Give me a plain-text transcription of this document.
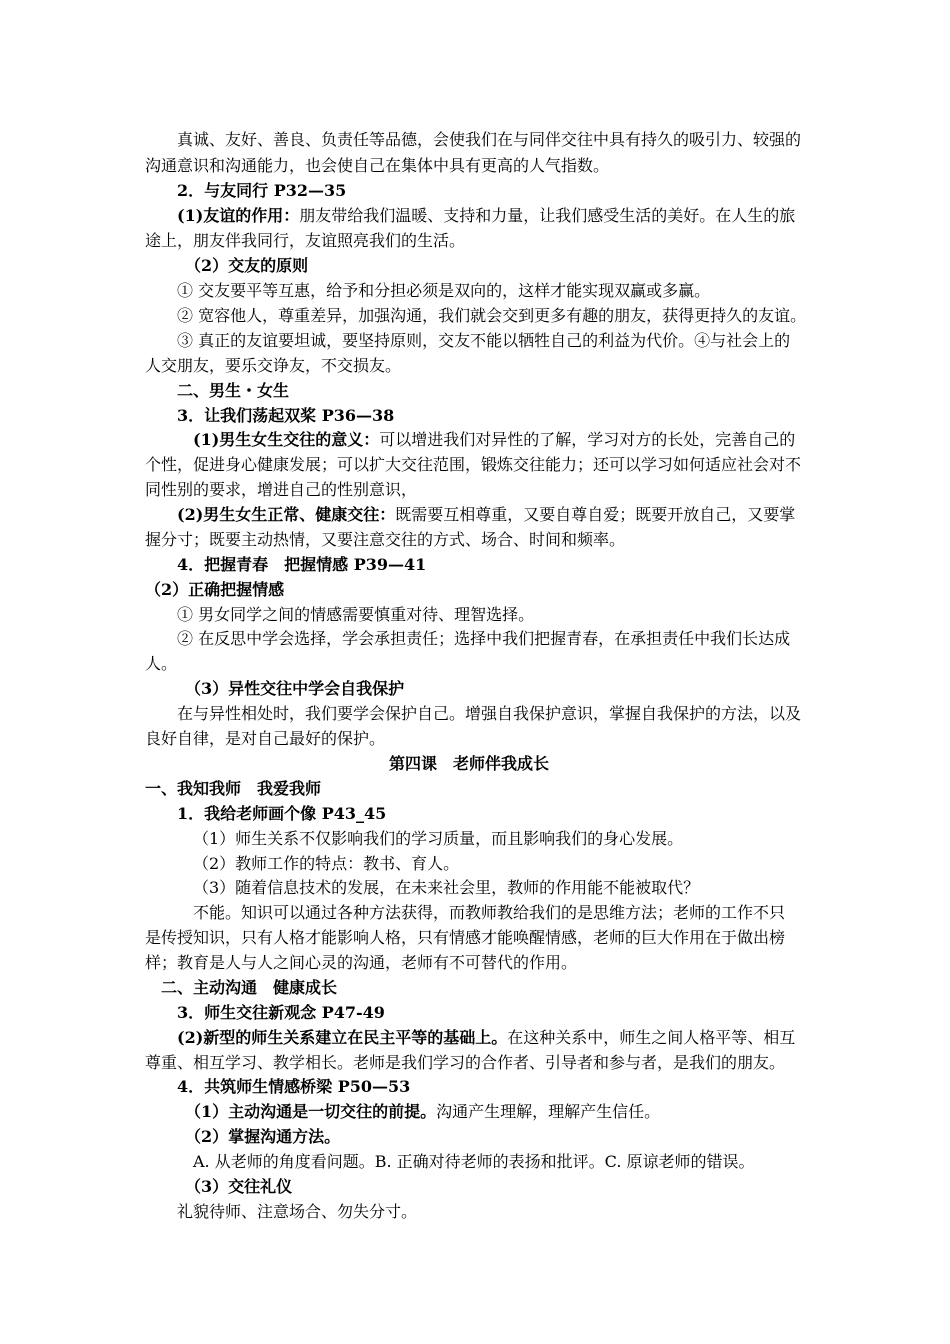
真诚、友好、善良、负责任等品德，会使我们在与同伴交往中具有持久的吸引力、较强的
沟通意识和沟通能力，也会使自己在集体中具有更高的人气指数。
2．与友同行 P32—35
(1)友谊的作用：朋友带给我们温暖、支持和力量，让我们感受生活的美好。在人生的旅
途上，朋友伴我同行，友谊照亮我们的生活。
（2）交友的原则
① 交友要平等互惠，给予和分担必须是双向的，这样才能实现双赢或多赢。
② 宽容他人，尊重差异，加强沟通，我们就会交到更多有趣的朋友，获得更持久的友谊。
③ 真正的友谊要坦诚，要坚持原则，交友不能以牺牲自己的利益为代价。④与社会上的
人交朋友，要乐交诤友，不交损友。
二、男生・女生
3．让我们荡起双桨 P36—38
(1)男生女生交往的意义：可以增进我们对异性的了解，学习对方的长处，完善自己的
个性，促进身心健康发展；可以扩大交往范围，锻炼交往能力；还可以学习如何适应社会对不
同性别的要求，增进自己的性别意识，
(2)男生女生正常、健康交往：既需要互相尊重，又要自尊自爱；既要开放自己，又要掌
握分寸；既要主动热情，又要注意交往的方式、场合、时间和频率。
4．把握青春　把握情感 P39—41
（2）正确把握情感
① 男女同学之间的情感需要慎重对待、理智选择。
② 在反思中学会选择，学会承担责任；选择中我们把握青春，在承担责任中我们长达成
人。
（3）异性交往中学会自我保护
在与异性相处时，我们要学会保护自己。增强自我保护意识，掌握自我保护的方法，以及
良好自律，是对自己最好的保护。
第四课　老师伴我成长
一、我知我师　我爱我师
1．我给老师画个像 P43_45
（1）师生关系不仅影响我们的学习质量，而且影响我们的身心发展。
（2）教师工作的特点：教书、育人。
（3）随着信息技术的发展，在未来社会里，教师的作用能不能被取代？
不能。知识可以通过各种方法获得，而教师教给我们的是思维方法；老师的工作不只
是传授知识，只有人格才能影响人格，只有情感才能唤醒情感，老师的巨大作用在于做出榜
样；教育是人与人之间心灵的沟通，老师有不可替代的作用。
二、主动沟通　健康成长
3．师生交往新观念 P47-49
(2)新型的师生关系建立在民主平等的基础上。在这种关系中，师生之间人格平等、相互
尊重、相互学习、教学相长。老师是我们学习的合作者、引导者和参与者，是我们的朋友。
4．共筑师生情感桥梁 P50—53
（1）主动沟通是一切交往的前提。沟通产生理解，理解产生信任。
（2）掌握沟通方法。
A. 从老师的角度看问题。B. 正确对待老师的表扬和批评。C. 原谅老师的错误。
（3）交往礼仪
礼貌待师、注意场合、勿失分寸。
